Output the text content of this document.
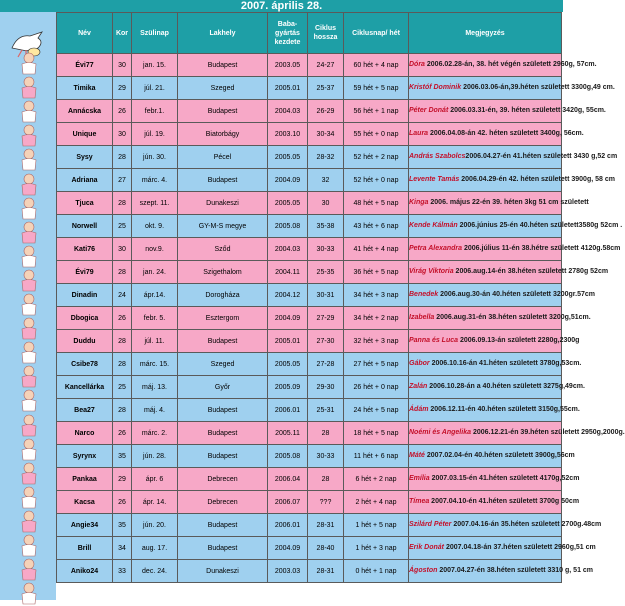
2007. április 28.
Név	Kor	Szülinap	Lakhely	Baba-gyártás kezdete	Ciklus hossza	Ciklusnap/ hét	Megjegyzés
Évi77	30	jan. 15.	Budapest	2003.05	24-27	60 hét + 4 nap	Dóra 2006.02.28-án, 38. hét végén született 2960g, 57cm.
Timika	29	júl. 21.	Szeged	2005.01	25-37	59 hét + 5 nap	Kristóf Dominik 2006.03.06-án,39.héten született 3300g,49 cm.
Annácska	26	febr.1.	Budapest	2004.03	26-29	56 hét + 1 nap	Péter Donát 2006.03.31-én, 39. héten született 3420g, 55cm.
Unique	30	júl. 19.	Biatorbágy	2003.10	30-34	55 hét + 0 nap	Laura 2006.04.08-án 42. héten született 3400g, 56cm.
Sysy	28	jún. 30.	Pécel	2005.05	28-32	52 hét + 2 nap	András Szabolcs2006.04.27-én 41.héten született 3430 g,52 cm
Adriana	27	márc. 4.	Budapest	2004.09	32	52 hét + 0 nap	Levente Tamás 2006.04.29-én 42. héten született 3900g, 58 cm
Tjuca	28	szept. 11.	Dunakeszi	2005.05	30	48 hét + 5 nap	Kinga 2006. május 22-én 39. héten 3kg 51 cm született
Norwell	25	okt. 9.	GY-M-S megye	2005.08	35-38	43 hét + 6 nap	Kende Kálmán 2006.június 25-én 40.héten született3580g 52cm .
Kati76	30	nov.9.	Sződ	2004.03	30-33	41 hét + 4 nap	Petra Alexandra 2006.július 11-én 38.hétre született 4120g.58cm
Évi79	28	jan. 24.	Szigethalom	2004.11	25-35	36 hét + 5 nap	Virág Viktoria 2006.aug.14-én 38.héten született 2780g 52cm
Dinadin	24	ápr.14.	Dorogháza	2004.12	30-31	34 hét + 3 nap	Benedek 2006.aug.30-án 40.héten született 3200gr.57cm
Dbogica	26	febr. 5.	Esztergom	2004.09	27-29	34 hét + 2 nap	Izabella 2006.aug.31-én 38.héten született 3200g,51cm.
Duddu	28	júl. 11.	Budapest	2005.01	27-30	32 hét + 3 nap	Panna és Luca 2006.09.13-án született 2280g,2300g
Csibe78	28	márc. 15.	Szeged	2005.05	27-28	27 hét + 5 nap	Gábor 2006.10.16-án 41.héten született 3780g,53cm.
Kancellárka	25	máj. 13.	Győr	2005.09	29-30	26 hét + 0 nap	Zalán 2006.10.28-án a 40.héten született 3275g,49cm.
Bea27	28	máj. 4.	Budapest	2006.01	25-31	24 hét + 5 nap	Ádám 2006.12.11-én 40.héten született 3150g,55cm.
Narco	26	márc. 2.	Budapest	2005.11	28	18 hét + 5 nap	Noémi és Angelika 2006.12.21-én 39.héten született 2950g,2000g.
Syrynx	35	jún. 28.	Budapest	2005.08	30-33	11 hét + 6 nap	Máté 2007.02.04-én 40.héten született 3900g,56cm
Pankaa	29	ápr. 6	Debrecen	2006.04	28	6 hét + 2 nap	Emília 2007.03.15-én 41.héten született 4170g,52cm
Kacsa	26	ápr. 14.	Debrecen	2006.07	???	2 hét + 4 nap	Tímea 2007.04.10-én 41.héten született 3700g 50cm
Angie34	35	jún. 20.	Budapest	2006.01	28-31	1 hét + 5 nap	Szilárd Péter 2007.04.16-án 35.héten született 2700g.48cm
Brill	34	aug. 17.	Budapest	2004.09	28-40	1 hét + 3 nap	Erik Donát 2007.04.18-án 37.héten született 2960g,51 cm
Aniko24	33	dec. 24.	Dunakeszi	2003.03	28-31	0 hét + 1 nap	Ágoston 2007.04.27-én 38.héten született 3310 g, 51 cm
